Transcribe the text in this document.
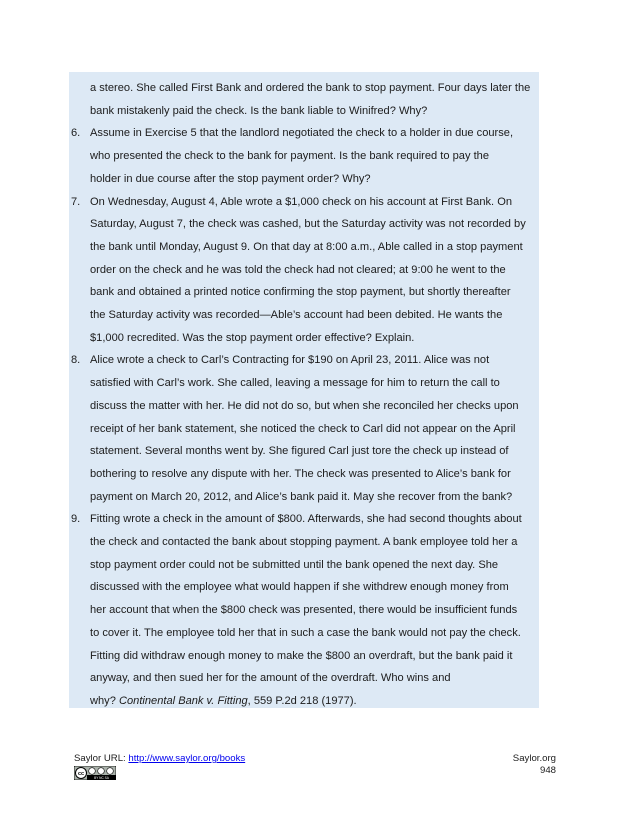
a stereo. She called First Bank and ordered the bank to stop payment. Four days later the
bank mistakenly paid the check. Is the bank liable to Winifred? Why?
6. Assume in Exercise 5 that the landlord negotiated the check to a holder in due course,
who presented the check to the bank for payment. Is the bank required to pay the
holder in due course after the stop payment order? Why?
7. On Wednesday, August 4, Able wrote a $1,000 check on his account at First Bank. On
Saturday, August 7, the check was cashed, but the Saturday activity was not recorded by
the bank until Monday, August 9. On that day at 8:00 a.m., Able called in a stop payment
order on the check and he was told the check had not cleared; at 9:00 he went to the
bank and obtained a printed notice confirming the stop payment, but shortly thereafter
the Saturday activity was recorded—Able’s account had been debited. He wants the
$1,000 recredited. Was the stop payment order effective? Explain.
8. Alice wrote a check to Carl’s Contracting for $190 on April 23, 2011. Alice was not
satisfied with Carl’s work. She called, leaving a message for him to return the call to
discuss the matter with her. He did not do so, but when she reconciled her checks upon
receipt of her bank statement, she noticed the check to Carl did not appear on the April
statement. Several months went by. She figured Carl just tore the check up instead of
bothering to resolve any dispute with her. The check was presented to Alice’s bank for
payment on March 20, 2012, and Alice’s bank paid it. May she recover from the bank?
9. Fitting wrote a check in the amount of $800. Afterwards, she had second thoughts about
the check and contacted the bank about stopping payment. A bank employee told her a
stop payment order could not be submitted until the bank opened the next day. She
discussed with the employee what would happen if she withdrew enough money from
her account that when the $800 check was presented, there would be insufficient funds
to cover it. The employee told her that in such a case the bank would not pay the check.
Fitting did withdraw enough money to make the $800 an overdraft, but the bank paid it
anyway, and then sued her for the amount of the overdraft. Who wins and
why? Continental Bank v. Fitting, 559 P.2d 218 (1977).
Saylor URL: http://www.saylor.org/books
cc
BY NC SA
Saylor.org
948
